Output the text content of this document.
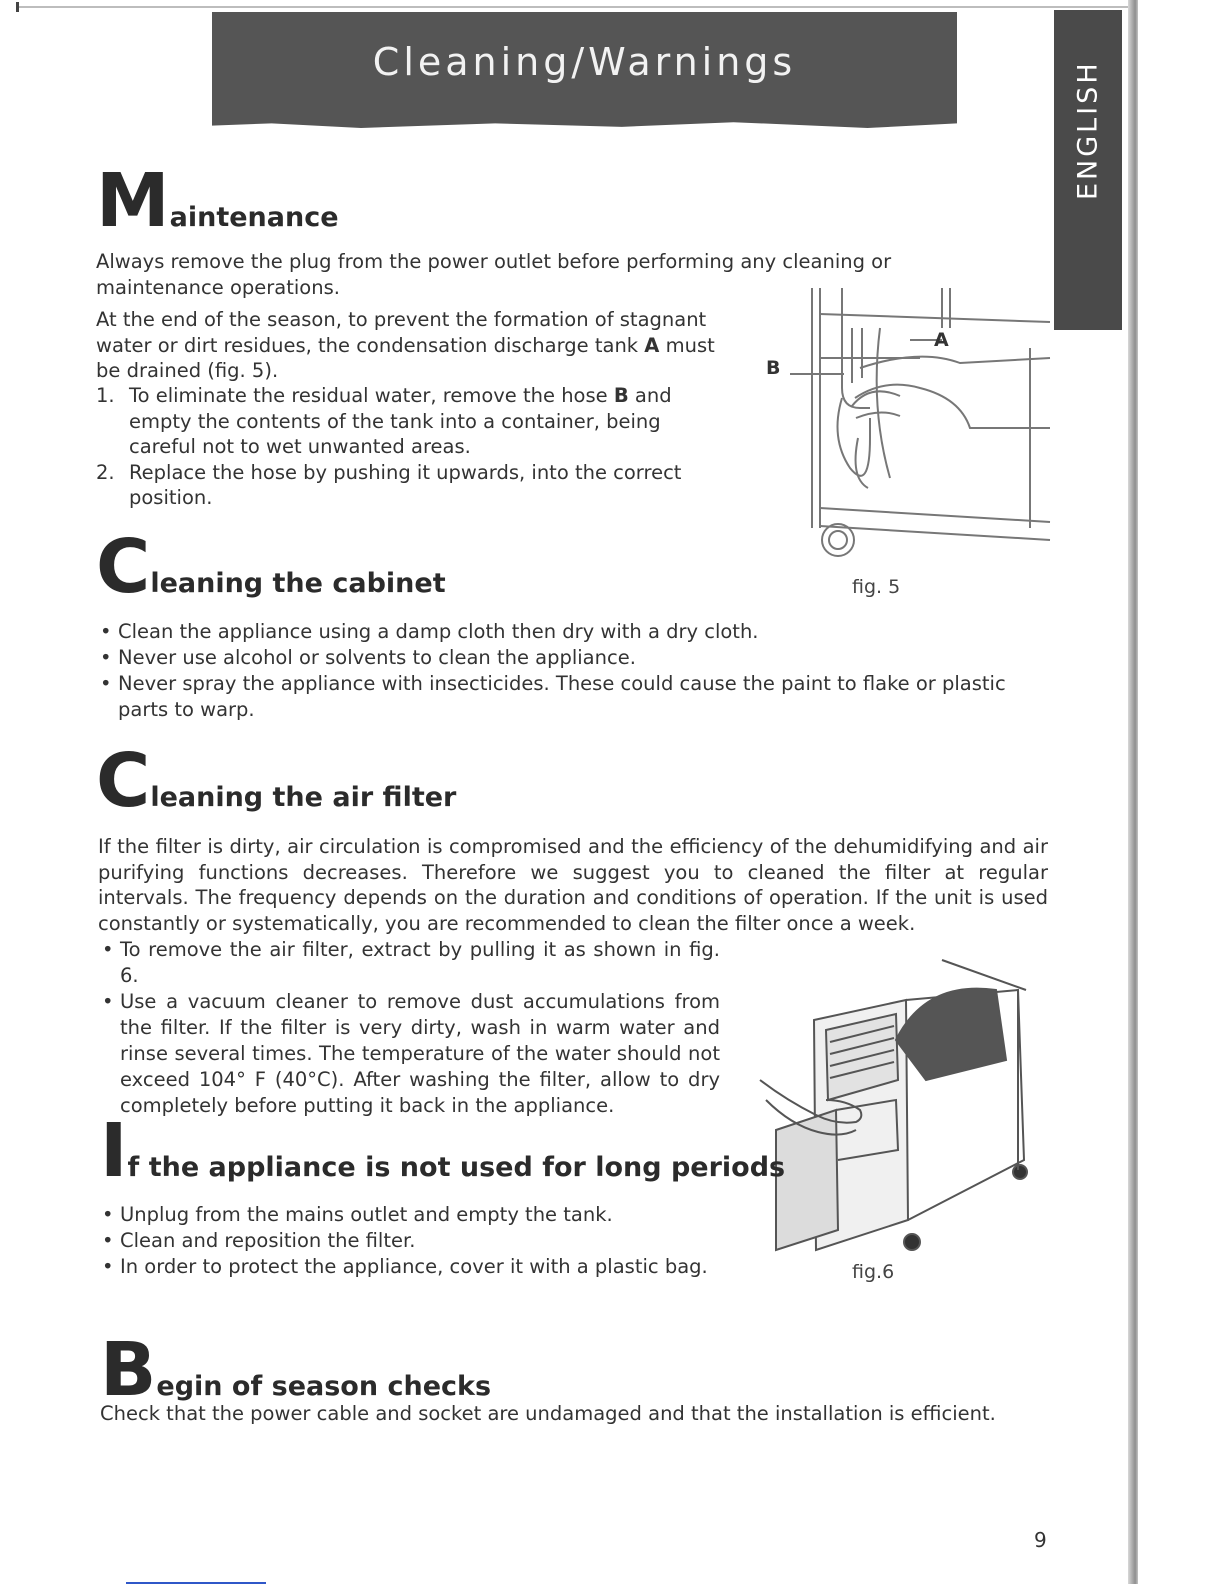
Cleaning/Warnings	ENGLISH
Maintenance

Always remove the plug from the power outlet before performing any cleaning or maintenance operations.

At the end of the season, to prevent the formation of stagnant water or dirt residues, the condensation discharge tank A must be drained (fig. 5).

1. To eliminate the residual water, remove the hose B and empty the contents of the tank into a container, being careful not to wet unwanted areas.
2. Replace the hose by pushing it upwards, into the correct position.
A
B
fig. 5
Cleaning the cabinet
• Clean the appliance using a damp cloth then dry with a dry cloth.
• Never use alcohol or solvents to clean the appliance.
• Never spray the appliance with insecticides. These could cause the paint to flake or plastic parts to warp.
Cleaning the air filter

If the filter is dirty, air circulation is compromised and the efficiency of the dehumidifying and air purifying functions decreases. Therefore we suggest you to cleaned the filter at regular intervals. The frequency depends on the duration and conditions of operation. If the unit is used constantly or systematically, you are recommended to clean the filter once a week.

• To remove the air filter, extract by pulling it as shown in fig. 6.
• Use a vacuum cleaner to remove dust accumulations from the filter. If the filter is very dirty, wash in warm water and rinse several times. The temperature of the water should not exceed 104° F (40°C). After washing the filter, allow to dry completely before putting it back in the appliance.
fig.6
If the appliance is not used for long periods
• Unplug from the mains outlet and empty the tank.
• Clean and reposition the filter.
• In order to protect the appliance, cover it with a plastic bag.
Begin of season checks

Check that the power cable and socket are undamaged and that the installation is efficient.

9
